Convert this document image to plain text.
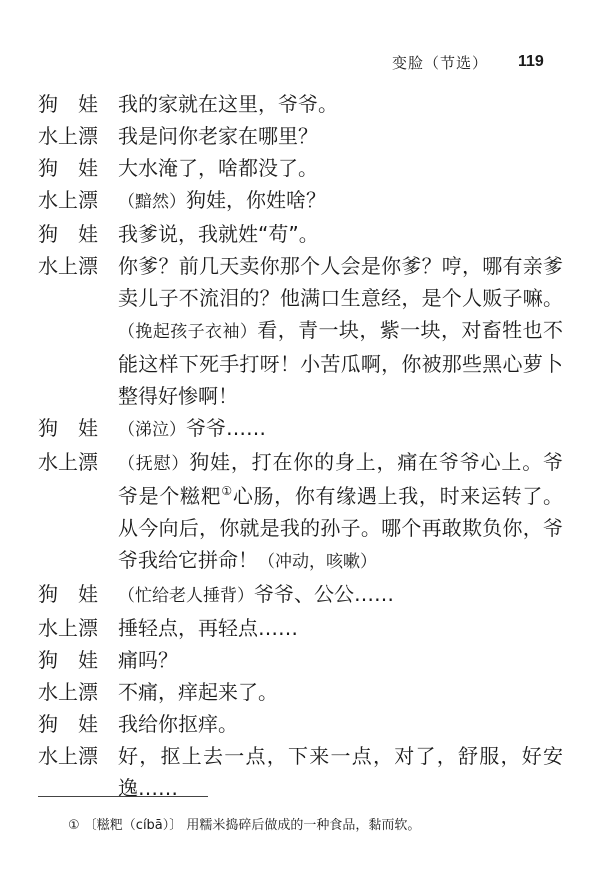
变脸（节选） 119
狗　娃	我的家就在这里，爷爷。
水上漂	我是问你老家在哪里？
狗　娃	大水淹了，啥都没了。
水上漂	（黯然）狗娃，你姓啥？
狗　娃	我爹说，我就姓“苟”。
水上漂	你爹？前几天卖你那个人会是你爹？哼，哪有亲爹卖儿子不流泪的？他满口生意经，是个人贩子嘛。（挽起孩子衣袖）看，青一块，紫一块，对畜牲也不能这样下死手打呀！小苦瓜啊，你被那些黑心萝卜整得好惨啊！
狗　娃	（涕泣）爷爷……
水上漂	（抚慰）狗娃，打在你的身上，痛在爷爷心上。爷爷是个糍粑①心肠，你有缘遇上我，时来运转了。从今向后，你就是我的孙子。哪个再敢欺负你，爷爷我给它拼命！（冲动，咳嗽）
狗　娃	（忙给老人捶背）爷爷、公公……
水上漂	捶轻点，再轻点……
狗　娃	痛吗？
水上漂	不痛，痒起来了。
狗　娃	我给你抠痒。
水上漂	好，抠上去一点，下来一点，对了，舒服，好安逸……
① 〔糍粑（cíbā）〕 用糯米捣碎后做成的一种食品，黏而软。
